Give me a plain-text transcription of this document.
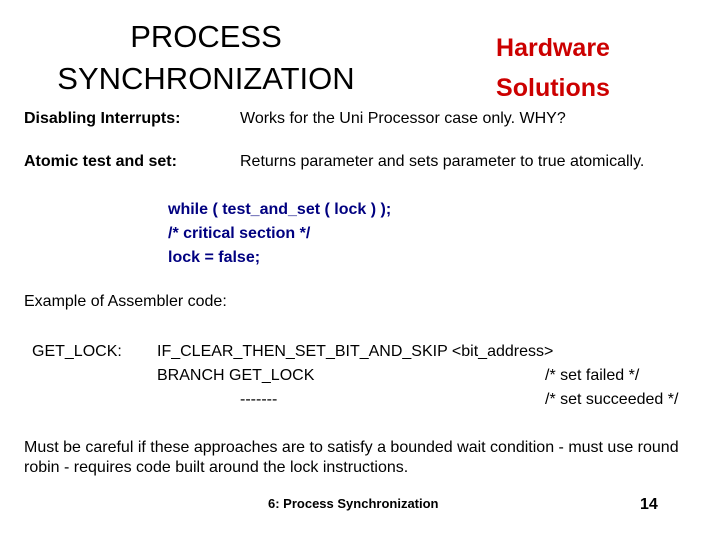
PROCESS
SYNCHRONIZATION
Hardware
Solutions
Disabling Interrupts:	Works for the Uni Processor case only. WHY?
Atomic test and set:	Returns parameter and sets parameter to true atomically.
while ( test_and_set ( lock ) );
/* critical section */
lock = false;
Example of Assembler code:
GET_LOCK: IF_CLEAR_THEN_SET_BIT_AND_SKIP <bit_address>
BRANCH GET_LOCK	/* set failed */
-------	/* set succeeded */
Must be careful if these approaches are to satisfy a bounded wait condition - must use round robin - requires code built around the lock instructions.
6: Process Synchronization	14
